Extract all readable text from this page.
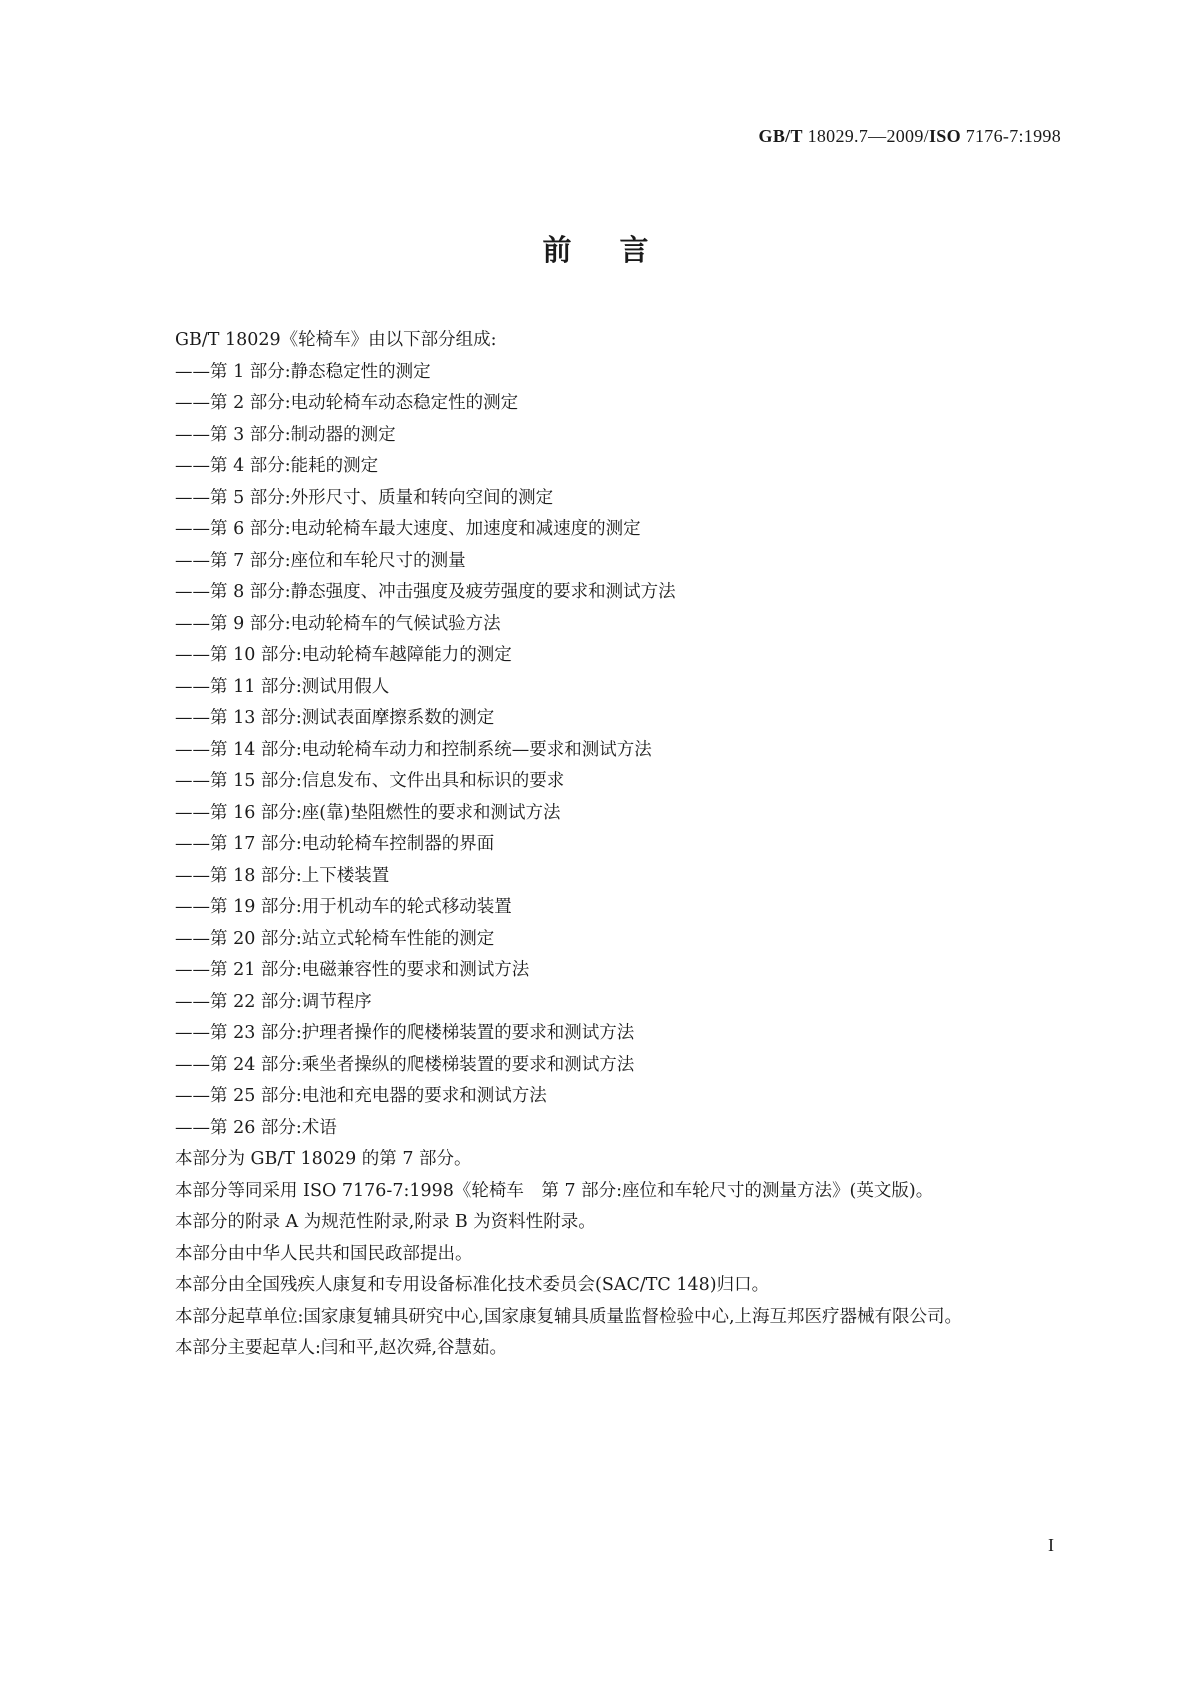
GB/T 18029.7—2009/ISO 7176-7:1998
前言
GB/T 18029《轮椅车》由以下部分组成:
——第 1 部分:静态稳定性的测定
——第 2 部分:电动轮椅车动态稳定性的测定
——第 3 部分:制动器的测定
——第 4 部分:能耗的测定
——第 5 部分:外形尺寸、质量和转向空间的测定
——第 6 部分:电动轮椅车最大速度、加速度和减速度的测定
——第 7 部分:座位和车轮尺寸的测量
——第 8 部分:静态强度、冲击强度及疲劳强度的要求和测试方法
——第 9 部分:电动轮椅车的气候试验方法
——第 10 部分:电动轮椅车越障能力的测定
——第 11 部分:测试用假人
——第 13 部分:测试表面摩擦系数的测定
——第 14 部分:电动轮椅车动力和控制系统—要求和测试方法
——第 15 部分:信息发布、文件出具和标识的要求
——第 16 部分:座(靠)垫阻燃性的要求和测试方法
——第 17 部分:电动轮椅车控制器的界面
——第 18 部分:上下楼装置
——第 19 部分:用于机动车的轮式移动装置
——第 20 部分:站立式轮椅车性能的测定
——第 21 部分:电磁兼容性的要求和测试方法
——第 22 部分:调节程序
——第 23 部分:护理者操作的爬楼梯装置的要求和测试方法
——第 24 部分:乘坐者操纵的爬楼梯装置的要求和测试方法
——第 25 部分:电池和充电器的要求和测试方法
——第 26 部分:术语
本部分为 GB/T 18029 的第 7 部分。
本部分等同采用 ISO 7176-7:1998《轮椅车　第 7 部分:座位和车轮尺寸的测量方法》(英文版)。
本部分的附录 A 为规范性附录,附录 B 为资料性附录。
本部分由中华人民共和国民政部提出。
本部分由全国残疾人康复和专用设备标准化技术委员会(SAC/TC 148)归口。
本部分起草单位:国家康复辅具研究中心,国家康复辅具质量监督检验中心,上海互邦医疗器械有限公司。
本部分主要起草人:闫和平,赵次舜,谷慧茹。
I
